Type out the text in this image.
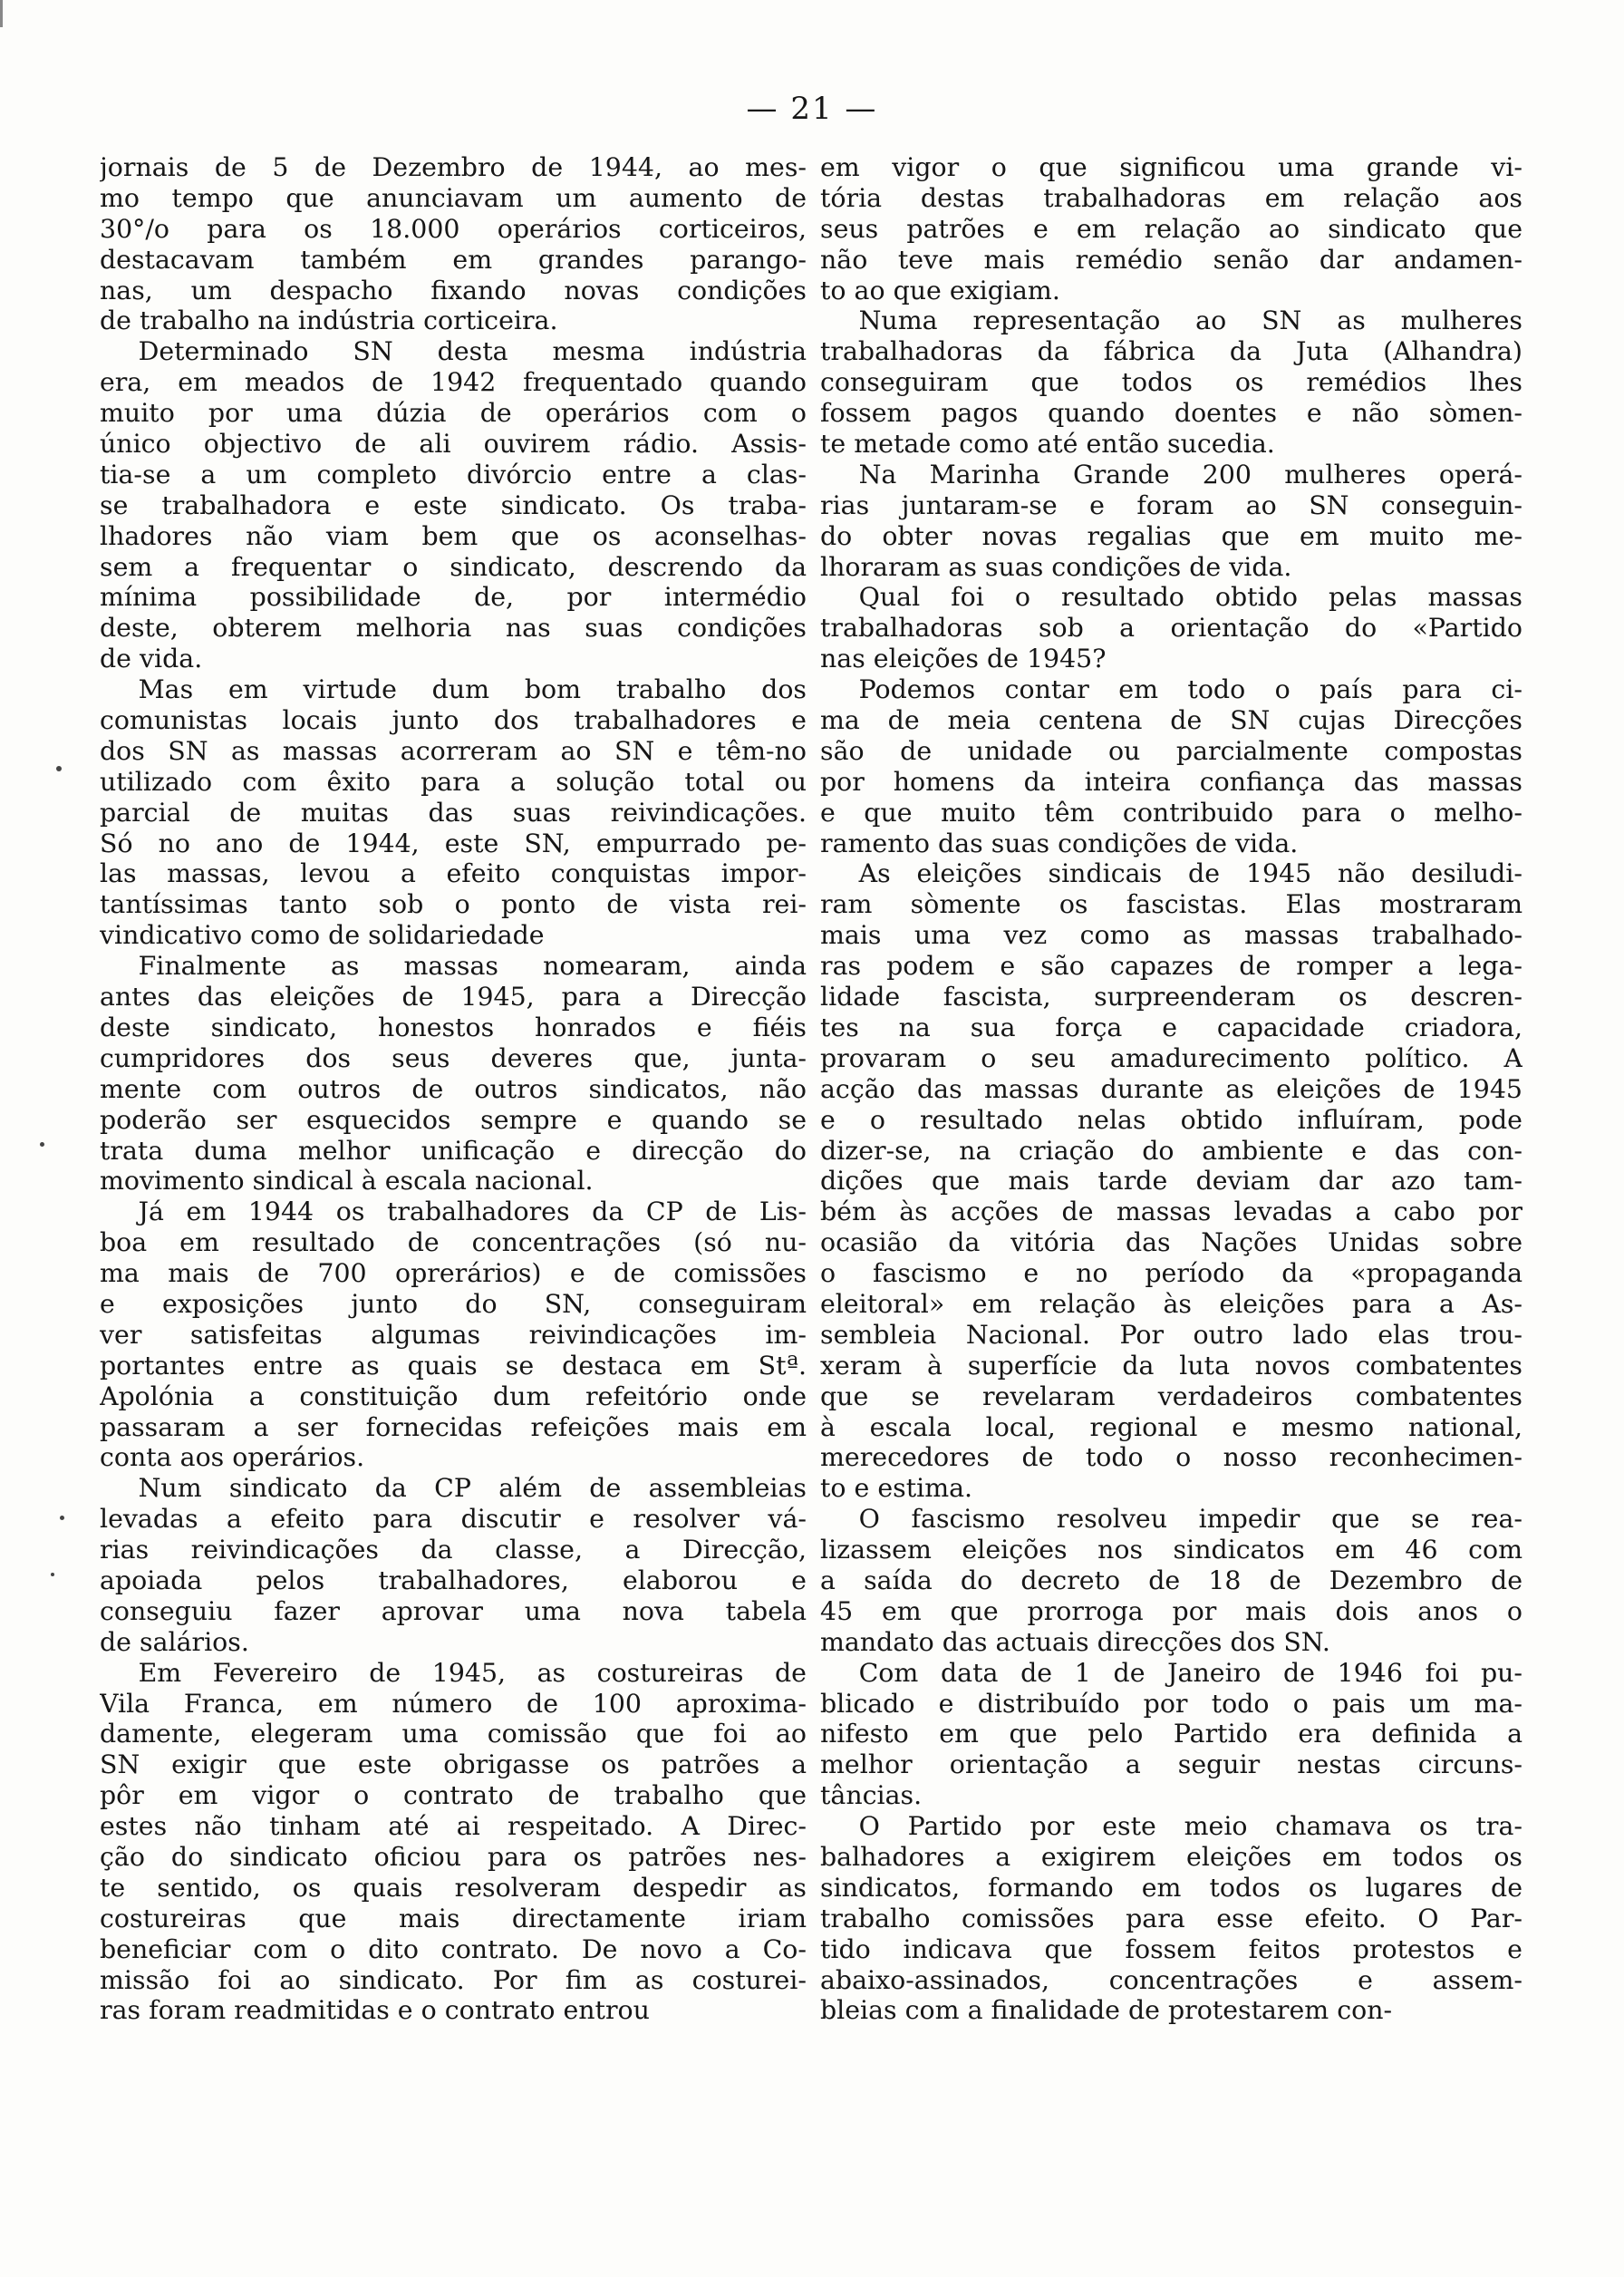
— 21 —
jornais de 5 de Dezembro de 1944, ao mes-
mo tempo que anunciavam um aumento de
30°/o para os 18.000 operários corticeiros,
destacavam também em grandes parango-
nas, um despacho fixando novas condições
de trabalho na indústria corticeira.
  Determinado SN desta mesma indústria
era, em meados de 1942 frequentado quando
muito por uma dúzia de operários com o
único objectivo de ali ouvirem rádio. Assis-
tia-se a um completo divórcio entre a clas-
se trabalhadora e este sindicato. Os traba-
lhadores não viam bem que os aconselhas-
sem a frequentar o sindicato, descrendo da
mínima possibilidade de, por intermédio
deste, obterem melhoria nas suas condições
de vida.
  Mas em virtude dum bom trabalho dos
comunistas locais junto dos trabalhadores e
dos SN as massas acorreram ao SN e têm-no
utilizado com êxito para a solução total ou
parcial de muitas das suas reivindicações.
Só no ano de 1944, este SN, empurrado pe-
las massas, levou a efeito conquistas impor-
tantíssimas tanto sob o ponto de vista rei-
vindicativo como de solidariedade
  Finalmente as massas nomearam, ainda
antes das eleições de 1945, para a Direcção
deste sindicato, honestos honrados e fiéis
cumpridores dos seus deveres que, junta-
mente com outros de outros sindicatos, não
poderão ser esquecidos sempre e quando se
trata duma melhor unificação e direcção do
movimento sindical à escala nacional.
  Já em 1944 os trabalhadores da CP de Lis-
boa em resultado de concentrações (só nu-
ma mais de 700 oprerários) e de comissões
e exposições junto do SN, conseguiram
ver satisfeitas algumas reivindicações im-
portantes entre as quais se destaca em Stª.
Apolónia a constituição dum refeitório onde
passaram a ser fornecidas refeições mais em
conta aos operários.
  Num sindicato da CP além de assembleias
levadas a efeito para discutir e resolver vá-
rias reivindicações da classe, a Direcção,
apoiada pelos trabalhadores, elaborou e
conseguiu fazer aprovar uma nova tabela
de salários.
  Em Fevereiro de 1945, as costureiras de
Vila Franca, em número de 100 aproxima-
damente, elegeram uma comissão que foi ao
SN exigir que este obrigasse os patrões a
pôr em vigor o contrato de trabalho que
estes não tinham até ai respeitado. A Direc-
ção do sindicato oficiou para os patrões nes-
te sentido, os quais resolveram despedir as
costureiras que mais directamente iriam
beneficiar com o dito contrato. De novo a Co-
missão foi ao sindicato. Por fim as costurei-
ras foram readmitidas e o contrato entrou
em vigor o que significou uma grande vi-
tória destas trabalhadoras em relação aos
seus patrões e em relação ao sindicato que
não teve mais remédio senão dar andamen-
to ao que exigiam.
  Numa representação ao SN as mulheres
trabalhadoras da fábrica da Juta (Alhandra)
conseguiram que todos os remédios lhes
fossem pagos quando doentes e não sòmen-
te metade como até então sucedia.
  Na Marinha Grande 200 mulheres operá-
rias juntaram-se e foram ao SN conseguin-
do obter novas regalias que em muito me-
lhoraram as suas condições de vida.
  Qual foi o resultado obtido pelas massas
trabalhadoras sob a orientação do «Partido
nas eleições de 1945?
  Podemos contar em todo o país para ci-
ma de meia centena de SN cujas Direcções
são de unidade ou parcialmente compostas
por homens da inteira confiança das massas
e que muito têm contribuido para o melho-
ramento das suas condições de vida.
  As eleições sindicais de 1945 não desiludi-
ram sòmente os fascistas. Elas mostraram
mais uma vez como as massas trabalhado-
ras podem e são capazes de romper a lega-
lidade fascista, surpreenderam os descren-
tes na sua força e capacidade criadora,
provaram o seu amadurecimento político. A
acção das massas durante as eleições de 1945
e o resultado nelas obtido influíram, pode
dizer-se, na criação do ambiente e das con-
dições que mais tarde deviam dar azo tam-
bém às acções de massas levadas a cabo por
ocasião da vitória das Nações Unidas sobre
o fascismo e no período da «propaganda
eleitoral» em relação às eleições para a As-
sembleia Nacional. Por outro lado elas trou-
xeram à superfície da luta novos combatentes
que se revelaram verdadeiros combatentes
à escala local, regional e mesmo national,
merecedores de todo o nosso reconhecimen-
to e estima.
  O fascismo resolveu impedir que se rea-
lizassem eleições nos sindicatos em 46 com
a saída do decreto de 18 de Dezembro de
45 em que prorroga por mais dois anos o
mandato das actuais direcções dos SN.
  Com data de 1 de Janeiro de 1946 foi pu-
blicado e distribuído por todo o pais um ma-
nifesto em que pelo Partido era definida a
melhor orientação a seguir nestas circuns-
tâncias.
  O Partido por este meio chamava os tra-
balhadores a exigirem eleições em todos os
sindicatos, formando em todos os lugares de
trabalho comissões para esse efeito. O Par-
tido indicava que fossem feitos protestos e
abaixo-assinados, concentrações e assem-
bleias com a finalidade de protestarem con-
